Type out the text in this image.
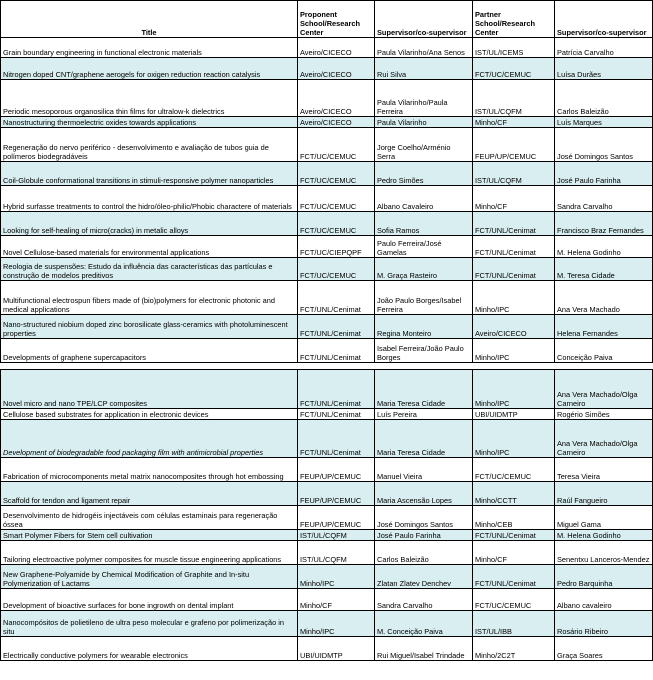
Title	Proponent School/Research Center	Supervisor/co-supervisor	Partner School/Research Center	Supervisor/co-supervisor
Grain boundary engineering in functional electronic materials	Aveiro/CICECO	Paula Vilarinho/Ana Senos	IST/UL/ICEMS	Patrícia Carvalho
Nitrogen doped CNT/graphene aerogels for oxigen reduction reaction catalysis	Aveiro/CICECO	Rui Silva	FCT/UC/CEMUC	Luísa Durães
Periodic mesoporous organosilica thin films for ultralow-k dielectrics	Aveiro/CICECO	Paula Vilarinho/Paula Ferreira	IST/UL/CQFM	Carlos Baleizão
Nanostructuring thermoelectric oxides towards applications	Aveiro/CICECO	Paula Vilarinho	Minho/CF	Luís Marques
Regeneração do nervo periférico - desenvolvimento e avaliação de tubos guia de polímeros biodegradáveis	FCT/UC/CEMUC	Jorge Coelho/Arménio Serra	FEUP/UP/CEMUC	José Domingos Santos
Coil-Globule conformational transitions in stimuli-responsive polymer nanoparticles	FCT/UC/CEMUC	Pedro Simões	IST/UL/CQFM	José Paulo Farinha
Hybrid surfasse treatments to control the hidro/óleo-philic/Phobic charactere of materials	FCT/UC/CEMUC	Albano Cavaleiro	Minho/CF	Sandra Carvalho
Looking for self-healing of micro(cracks) in metalic alloys	FCT/UC/CEMUC	Sofia Ramos	FCT/UNL/Cenimat	Francisco Braz Fernandes
Novel Cellulose-based materials for environmental applications	FCT/UC/CIEPQPF	Paulo Ferreira/José Gamelas	FCT/UNL/Cenimat	M. Helena Godinho
Reologia de suspensões: Estudo da influência das características das partículas e construção de modelos preditivos	FCT/UC/CEMUC	M. Graça Rasteiro	FCT/UNL/Cenimat	M. Teresa Cidade
Multifunctional electrospun fibers made of (bio)polymers for electronic photonic and medical applications	FCT/UNL/Cenimat	João Paulo Borges/Isabel Ferreira	Minho/IPC	Ana Vera Machado
Nano-structured niobium doped zinc borosilicate glass-ceramics with photoluminescent properties	FCT/UNL/Cenimat	Regina Monteiro	Aveiro/CICECO	Helena Fernandes
Developments of graphene supercapacitors	FCT/UNL/Cenimat	Isabel Ferreira/João Paulo Borges	Minho/IPC	Conceição Paiva

Novel micro and nano TPE/LCP composites	FCT/UNL/Cenimat	Maria Teresa Cidade	Minho/IPC	Ana Vera Machado/Olga Carneiro
Cellulose based substrates for application in electronic devices	FCT/UNL/Cenimat	Luís Pereira	UBI/UIDMTP	Rogério Simões
Development of biodegradable food packaging film with antimicrobial properties	FCT/UNL/Cenimat	Maria Teresa Cidade	Minho/IPC	Ana Vera Machado/Olga Carneiro
Fabrication of microcomponents metal matrix nanocomposites through hot embossing	FEUP/UP/CEMUC	Manuel Vieira	FCT/UC/CEMUC	Teresa Vieira
Scaffold for tendon and ligament repair	FEUP/UP/CEMUC	Maria Ascensão Lopes	Minho/CCTT	Raúl Fangueiro
Desenvolvimento de hidrogéis injectáveis com células estaminais para regeneração óssea	FEUP/UP/CEMUC	José Domingos Santos	Minho/CEB	Miguel Gama
Smart Polymer Fibers for Stem cell cultivation	IST/UL/CQFM	José Paulo Farinha	FCT/UNL/Cenimat	M. Helena Godinho
Tailoring electroactive polymer composites for muscle tissue engineering applications	IST/UL/CQFM	Carlos Baleizão	Minho/CF	Senentxu Lanceros-Mendez
New Graphene-Polyamide by Chemical Modification of Graphite and In-situ Polymerization of Lactams	Minho/IPC	Zlatan Zlatev Denchev	FCT/UNL/Cenimat	Pedro Barquinha
Development of bioactive surfaces for bone ingrowth on dental implant	Minho/CF	Sandra Carvalho	FCT/UC/CEMUC	Albano cavaleiro
Nanocompósitos de polietileno de ultra peso molecular e grafeno por polimerização in situ	Minho/IPC	M. Conceição Paiva	IST/UL/IBB	Rosário Ribeiro
Electrically conductive polymers for wearable electronics	UBI/UIDMTP	Rui Miguel/Isabel Trindade	Minho/2C2T	Graça Soares
